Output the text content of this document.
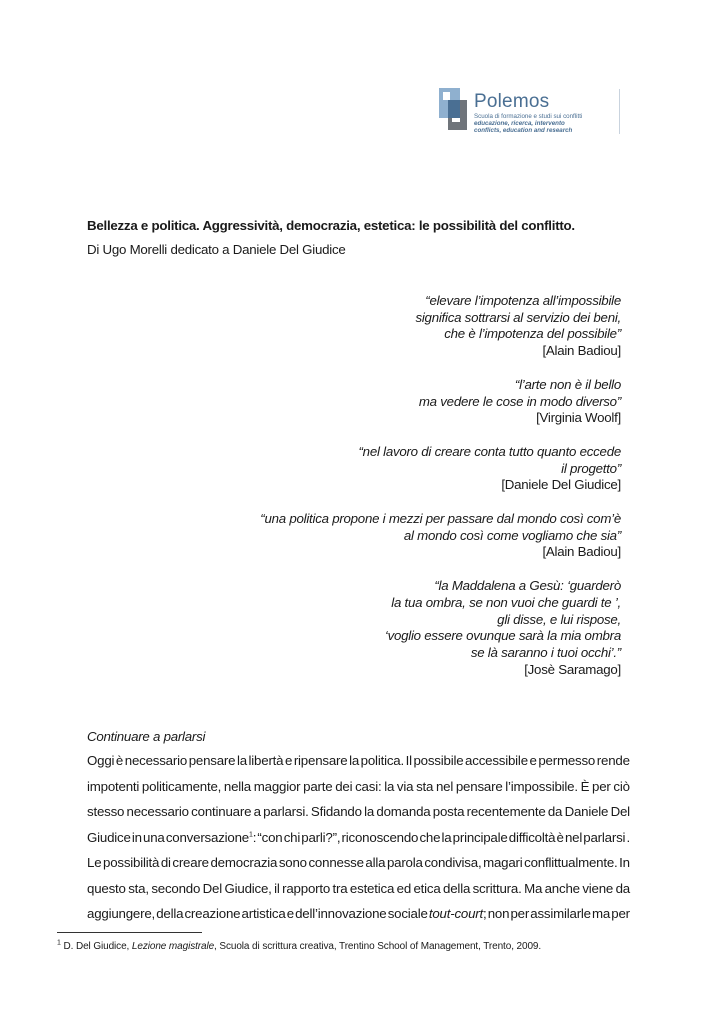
Polemos
Scuola di formazione e studi sui conflitti
educazione, ricerca, intervento
conflicts, education and research
Bellezza e politica. Aggressività, democrazia, estetica: le possibilità del conflitto.
Di Ugo Morelli dedicato a Daniele Del Giudice
“elevare l’impotenza all’impossibile
significa sottrarsi al servizio dei beni,
che è l’impotenza del possibile”
[Alain Badiou]
“l’arte non è il bello
ma vedere le cose in modo diverso”
[Virginia Woolf]
“nel lavoro di creare conta tutto quanto eccede
il progetto”
[Daniele Del Giudice]
“una politica propone i mezzi per passare dal mondo così com’è
al mondo così come vogliamo che sia”
[Alain Badiou]
“la Maddalena a Gesù: ‘guarderò
la tua ombra, se non vuoi che guardi te ’,
gli disse, e lui rispose,
‘voglio essere ovunque sarà la mia ombra
se là saranno i tuoi occhi’.”
[Josè Saramago]
Continuare a parlarsi
Oggi è necessario pensare la libertà e ripensare la politica. Il possibile accessibile e permesso rende
impotenti politicamente, nella maggior parte dei casi: la via sta nel pensare l’impossibile. È per ciò
stesso necessario continuare a parlarsi. Sfidando la domanda posta recentemente da Daniele Del
Giudice in una conversazione$^1$: “con chi parli?”, riconoscendo che la principale difficoltà è nel parlarsi .
Le possibilità di creare democrazia sono connesse alla parola condivisa, magari conflittualmente. In
questo sta, secondo Del Giudice, il rapporto tra estetica ed etica della scrittura. Ma anche viene da
aggiungere, della creazione artistica e dell’innovazione sociale tout-court; non per assimilarle ma per
$^1$ D. Del Giudice, Lezione magistrale, Scuola di scrittura creativa, Trentino School of Management, Trento, 2009.
